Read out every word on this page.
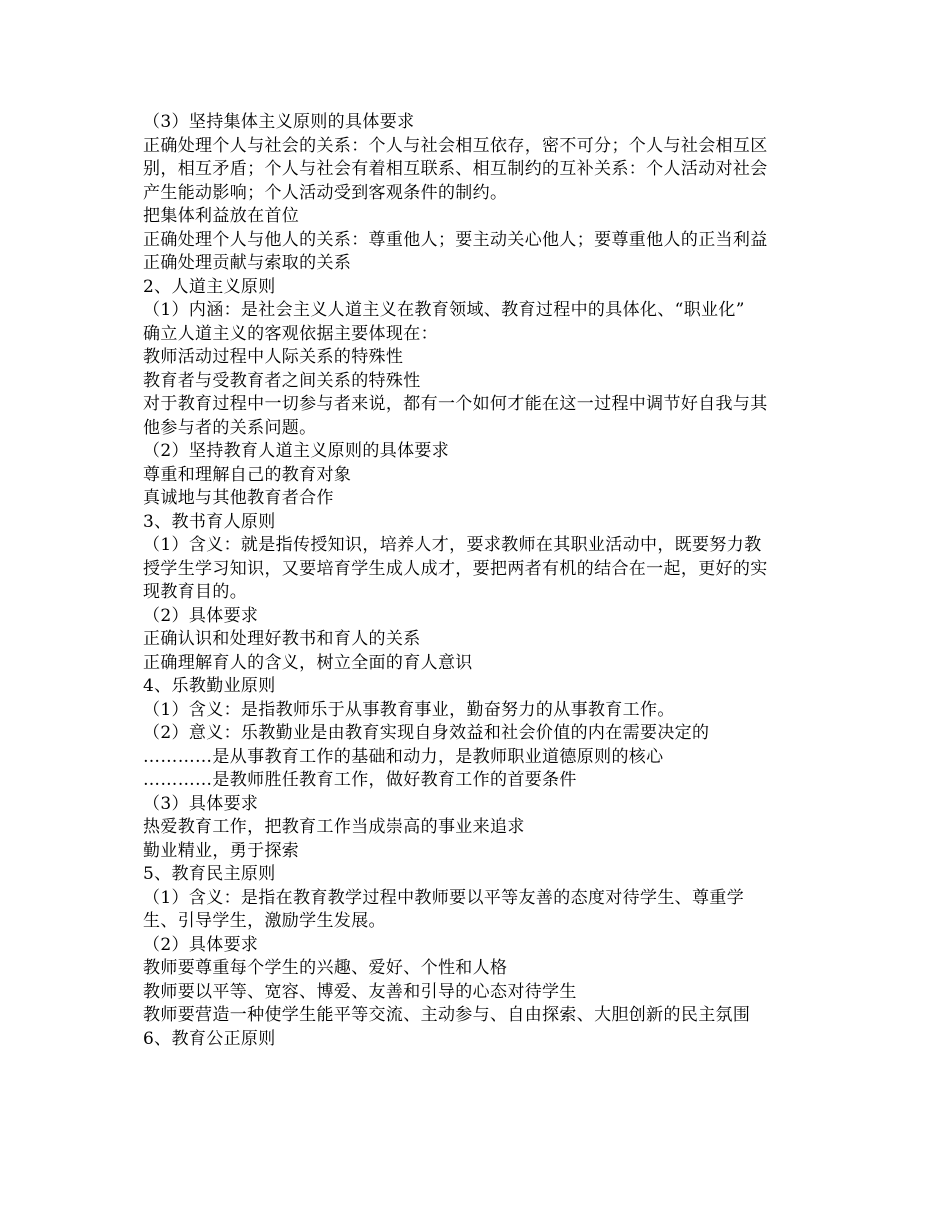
（3）坚持集体主义原则的具体要求
正确处理个人与社会的关系：个人与社会相互依存，密不可分；个人与社会相互区
别，相互矛盾；个人与社会有着相互联系、相互制约的互补关系：个人活动对社会
产生能动影响；个人活动受到客观条件的制约。
把集体利益放在首位
正确处理个人与他人的关系：尊重他人；要主动关心他人；要尊重他人的正当利益
正确处理贡献与索取的关系
2、人道主义原则
（1）内涵：是社会主义人道主义在教育领域、教育过程中的具体化、“职业化”
确立人道主义的客观依据主要体现在：
教师活动过程中人际关系的特殊性
教育者与受教育者之间关系的特殊性
对于教育过程中一切参与者来说，都有一个如何才能在这一过程中调节好自我与其
他参与者的关系问题。
（2）坚持教育人道主义原则的具体要求
尊重和理解自己的教育对象
真诚地与其他教育者合作
3、教书育人原则
（1）含义：就是指传授知识，培养人才，要求教师在其职业活动中，既要努力教
授学生学习知识，又要培育学生成人成才，要把两者有机的结合在一起，更好的实
现教育目的。
（2）具体要求
正确认识和处理好教书和育人的关系
正确理解育人的含义，树立全面的育人意识
4、乐教勤业原则
（1）含义：是指教师乐于从事教育事业，勤奋努力的从事教育工作。
（2）意义：乐教勤业是由教育实现自身效益和社会价值的内在需要决定的
…………是从事教育工作的基础和动力，是教师职业道德原则的核心
…………是教师胜任教育工作，做好教育工作的首要条件
（3）具体要求
热爱教育工作，把教育工作当成崇高的事业来追求
勤业精业，勇于探索
5、教育民主原则
（1）含义：是指在教育教学过程中教师要以平等友善的态度对待学生、尊重学
生、引导学生，激励学生发展。
（2）具体要求
教师要尊重每个学生的兴趣、爱好、个性和人格
教师要以平等、宽容、博爱、友善和引导的心态对待学生
教师要营造一种使学生能平等交流、主动参与、自由探索、大胆创新的民主氛围
6、教育公正原则
